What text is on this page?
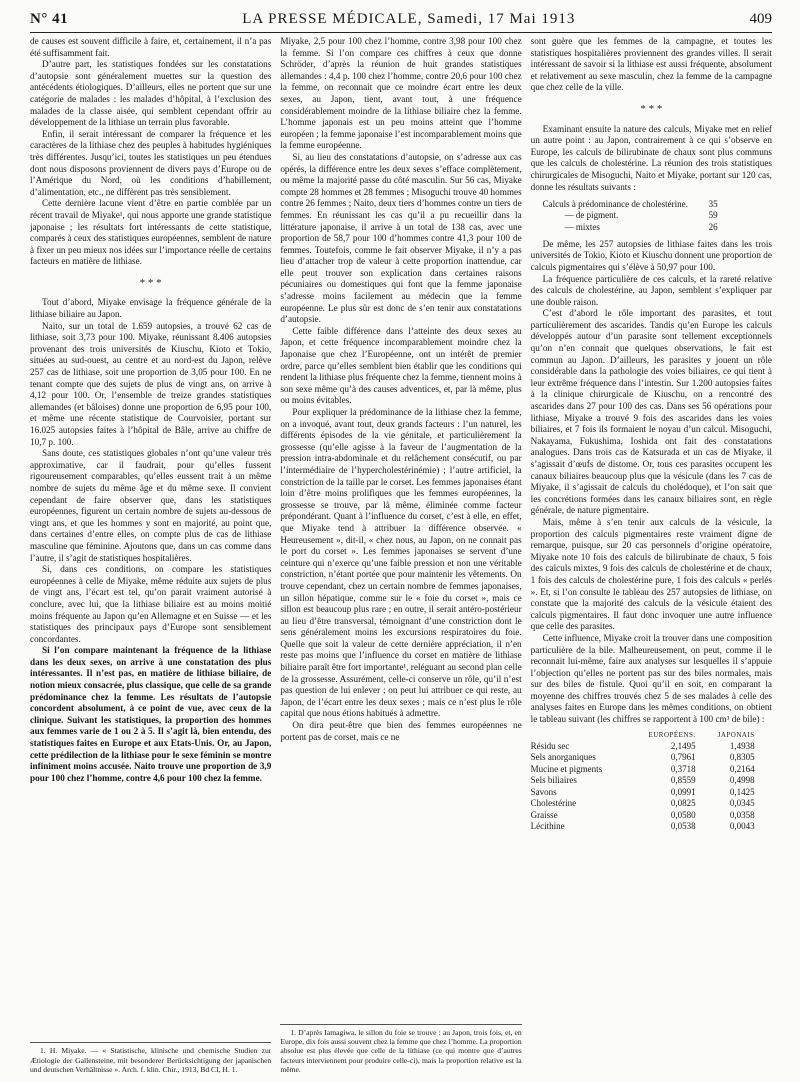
N° 41	LA PRESSE MÉDICALE, Samedi, 17 Mai 1913	409

de causes est souvent difficile à faire, et, certainement, il n’a pas été suffisamment fait.

D’autre part, les statistiques fondées sur les constatations d’autopsie sont généralement muettes sur la question des antécédents étiologiques. D’ailleurs, elles ne portent que sur une catégorie de malades : les malades d’hôpital, à l’exclusion des malades de la classe aisée, qui semblent cependant offrir au développement de la lithiase un terrain plus favorable.

Enfin, il serait intéressant de comparer la fréquence et les caractères de la lithiase chez des peuples à habitudes hygiéniques très différentes. Jusqu’ici, toutes les statistiques un peu étendues dont nous disposons proviennent de divers pays d’Europe ou de l’Amérique du Nord, où les conditions d’habillement, d’alimentation, etc., ne diffèrent pas très sensiblement.

Cette dernière lacune vient d’être en partie comblée par un récent travail de Miyake¹, qui nous apporte une grande statistique japonaise ; les résultats fort intéressants de cette statistique, comparés à ceux des statistiques européennes, semblent de nature à fixer un peu mieux nos idées sur l’importance réelle de certains facteurs en matière de lithiase.

* * *

Tout d’abord, Miyake envisage la fréquence générale de la lithiase biliaire au Japon.

Naito, sur un total de 1.659 autopsies, a trouvé 62 cas de lithiase, soit 3,73 pour 100. Miyake, réunissant 8.406 autopsies provenant des trois universités de Kiuschu, Kioto et Tokio, situées au sud-ouest, au centre et au nord-est du Japon, relève 257 cas de lithiase, soit une proportion de 3,05 pour 100. En ne tenant compte que des sujets de plus de vingt ans, on arrive à 4,12 pour 100. Or, l’ensemble de treize grandes statistiques allemandes (et bâloises) donne une proportion de 6,95 pour 100, et même une récente statistique de Courvoisier, portant sur 16.025 autopsies faites à l’hôpital de Bâle, arrive au chiffre de 10,7 p. 100.

Sans doute, ces statistiques globales n’ont qu’une valeur très approximative, car il faudrait, pour qu’elles fussent rigoureusement comparables, qu’elles eussent trait à un même nombre de sujets du même âge et du même sexe. Il convient cependant de faire observer que, dans les statistiques européennes, figurent un certain nombre de sujets au-dessous de vingt ans, et que les hommes y sont en majorité, au point que, dans certaines d’entre elles, on compte plus de cas de lithiase masculine que féminine. Ajoutons que, dans un cas comme dans l’autre, il s’agit de statistiques hospitalières.

Si, dans ces conditions, on compare les statistiques européennes à celle de Miyake, même réduite aux sujets de plus de vingt ans, l’écart est tel, qu’on parait vraiment autorisé à conclure, avec lui, que la lithiase biliaire est au moins moitié moins fréquente au Japon qu’en Allemagne et en Suisse — et les statistiques des principaux pays d’Europe sont sensiblement concordantes.

Si l’on compare maintenant la fréquence de la lithiase dans les deux sexes, on arrive à une constatation des plus intéressantes. Il n’est pas, en matière de lithiase biliaire, de notion mieux consacrée, plus classique, que celle de sa grande prédominance chez la femme. Les résultats de l’autopsie concordent absolument, à ce point de vue, avec ceux de la clinique. Suivant les statistiques, la proportion des hommes aux femmes varie de 1 ou 2 à 5. Il s’agit là, bien entendu, des statistiques faites en Europe et aux Etats-Unis. Or, au Japon, cette prédilection de la lithiase pour le sexe féminin se montre infiniment moins accusée. Naito trouve une proportion de 3,9 pour 100 chez l’homme, contre 4,6 pour 100 chez la femme.

1. H. Miyake. — « Statistische, klinische und chemische Studien zur Ætiologie der Gallensteine, mit besonderer Berücksichtigung der japanischen und deutschen Verhältnisse ». Arch. f. klin. Chir., 1913, Bd CI, H. 1.

Miyake, 2,5 pour 100 chez l’homme, contre 3,98 pour 100 chez la femme. Si l’on compare ces chiffres à ceux que donne Schröder, d’après la réunion de huit grandes statistiques allemandes : 4,4 p. 100 chez l’homme, contre 20,6 pour 100 chez la femme, on reconnait que ce moindre écart entre les deux sexes, au Japon, tient, avant tout, à une fréquence considérablement moindre de la lithiase biliaire chez la femme. L’homme japonais est un peu moins atteint que l’homme européen ; la femme japonaise l’est incomparablement moins que la femme européenne.

Si, au lieu des constatations d’autopsie, on s’adresse aux cas opérés, la différence entre les deux sexes s’efface complètement, ou même la majorité passe du côté masculin. Sur 56 cas, Miyake compte 28 hommes et 28 femmes ; Misoguchi trouve 40 hommes contre 26 femmes ; Naito, deux tiers d’hommes contre un tiers de femmes. En réunissant les cas qu’il a pu recueillir dans la littérature japonaise, il arrive à un total de 138 cas, avec une proportion de 58,7 pour 100 d’hommes contre 41,3 pour 100 de femmes. Toutefois, comme le fait observer Miyake, il n’y a pas lieu d’attacher trop de valeur à cette proportion inattendue, car elle peut trouver son explication dans certaines raisons pécuniaires ou domestiques qui font que la femme japonaise s’adresse moins facilement au médecin que la femme européenne. Le plus sûr est donc de s’en tenir aux constatations d’autopsie.

Cette faible différence dans l’atteinte des deux sexes au Japon, et cette fréquence incomparablement moindre chez la Japonaise que chez l’Européenne, ont un intérêt de premier ordre, parce qu’elles semblent bien établir que les conditions qui rendent la lithiase plus fréquente chez la femme, tiennent moins à son sexe même qu’à des causes adventices, et, par là même, plus ou moins évitables.

Pour expliquer la prédominance de la lithiase chez la femme, on a invoqué, avant tout, deux grands facteurs : l’un naturel, les différents épisodes de la vie génitale, et particulièrement la grossesse (qu’elle agisse à la faveur de l’augmentation de la pression intra-abdominale et du relâchement consécutif, ou par l’intermédiaire de l’hypercholestérinémie) ; l’autre artificiel, la constriction de la taille par le corset. Les femmes japonaises étant loin d’être moins prolifiques que les femmes européennes, la grossesse se trouve, par là même, éliminée comme facteur prépondérant. Quant à l’influence du corset, c’est à elle, en effet, que Miyake tend à attribuer la différence observée. « Heureusement », dit-il, « chez nous, au Japon, on ne connait pas le port du corset ». Les femmes japonaises se servent d’une ceinture qui n’exerce qu’une faible pression et non une véritable constriction, n’étant portée que pour maintenir les vêtements. On trouve cependant, chez un certain nombre de femmes japonaises, un sillon hépatique, comme sur le « foie du corset », mais ce sillon est beaucoup plus rare ; en outre, il serait antéro-postérieur au lieu d’être transversal, témoignant d’une constriction dont le sens généralement moins les excursions respiratoires du foie. Quelle que soit la valeur de cette dernière appréciation, il n’en reste pas moins que l’influence du corset en matière de lithiase biliaire paraît être fort importante¹, reléguant au second plan celle de la grossesse. Assurément, celle-ci conserve un rôle, qu’il n’est pas question de lui enlever ; on peut lui attribuer ce qui reste, au Japon, de l’écart entre les deux sexes ; mais ce n’est plus le rôle capital que nous étions habitués à admettre.

On dira peut-être que bien des femmes européennes ne portent pas de corset, mais ce ne

1. D’après Iamagiwa, le sillon du foie se trouve : au Japon, trois fois, et, en Europe, dix fois aussi souvent chez la femme que chez l’homme. La proportion absolue est plus élevée que celle de la lithiase (ce qui montre que d’autres facteurs interviennent pour produire celle-ci), mais la proportion relative est la même.

sont guère que les femmes de la campagne, et toutes les statistiques hospitalières proviennent des grandes villes. Il serait intéressant de savoir si la lithiase est aussi fréquente, absolument et relativement au sexe masculin, chez la femme de la campagne que chez celle de la ville.

* * *

Examinant ensuite la nature des calculs, Miyake met en relief un autre point : au Japon, contrairement à ce qui s’observe en Europe, les calculs de bilirubinate de chaux sont plus communs que les calculs de cholestérine. La réunion des trois statistiques chirurgicales de Misoguchi, Naito et Miyake, portant sur 120 cas, donne les résultats suivants :

Calculs à prédominance de cholestérine.	35
— de pigment.	59
— mixtes	26

De même, les 257 autopsies de lithiase faites dans les trois universités de Tokio, Kioto et Kiuschu donnent une proportion de calculs pigmentaires qui s’élève à 50,97 pour 100.

La fréquence particulière de ces calculs, et la rareté relative des calculs de cholestérine, au Japon, semblent s’expliquer par une double raison.

C’est d’abord le rôle important des parasites, et tout particulièrement des ascarides. Tandis qu’en Europe les calculs développés autour d’un parasite sont tellement exceptionnels qu’on n’en connait que quelques observations, le fait est commun au Japon. D’ailleurs, les parasites y jouent un rôle considérable dans la pathologie des voies biliaires, ce qui tient à leur extrême fréquence dans l’intestin. Sur 1.200 autopsies faites à la clinique chirurgicale de Kiuschu, on a rencontré des ascarides dans 27 pour 100 des cas. Dans ses 56 opérations pour lithiase, Miyake a trouvé 9 fois des ascarides dans les voies biliaires, et 7 fois ils formaient le noyau d’un calcul. Misoguchi, Nakayama, Fukushima, Ioshida ont fait des constatations analogues. Dans trois cas de Katsurada et un cas de Miyake, il s’agissait d’œufs de distome. Or, tous ces parasites occupent les canaux biliaires beaucoup plus que la vésicule (dans les 7 cas de Miyake, il s’agissait de calculs du cholédoque), et l’on sait que les concrétions formées dans les canaux biliaires sont, en règle générale, de nature pigmentaire.

Mais, même à s’en tenir aux calculs de la vésicule, la proportion des calculs pigmentaires reste vraiment digne de remarque, puisque, sur 20 cas personnels d’origine opératoire, Miyake note 10 fois des calculs de bilirubinate de chaux, 5 fois des calculs mixtes, 9 fois des calculs de cholestérine et de chaux, 1 fois des calculs de cholestérine pure, 1 fois des calculs « perlés ». Et, si l’on consulte le tableau des 257 autopsies de lithiase, on constate que la majorité des calculs de la vésicule étaient des calculs pigmentaires. Il faut donc invoquer une autre influence que celle des parasites.

Cette influence, Miyake croit la trouver dans une composition particulière de la bile. Malheureusement, on peut, comme il le reconnait lui-même, faire aux analyses sur lesquelles il s’appuie l’objection qu’elles ne portent pas sur des biles normales, mais sur des biles de fistule. Quoi qu’il en soit, en comparant la moyenne des chiffres trouvés chez 5 de ses malades à celle des analyses faites en Europe dans les mêmes conditions, on obtient le tableau suivant (les chiffres se rapportent à 100 cm³ de bile) :

EUROPÉENS.	JAPONAIS
Résidu sec	2,1495	1,4938
Sels anorganiques	0,7961	0,8305
Mucine et pigments	0,3718	0,2164
Sels biliaires	0,8559	0,4998
Savons	0,0991	0,1425
Cholestérine	0,0825	0,0345
Graisse	0,0580	0,0358
Lécithine	0,0538	0,0043
